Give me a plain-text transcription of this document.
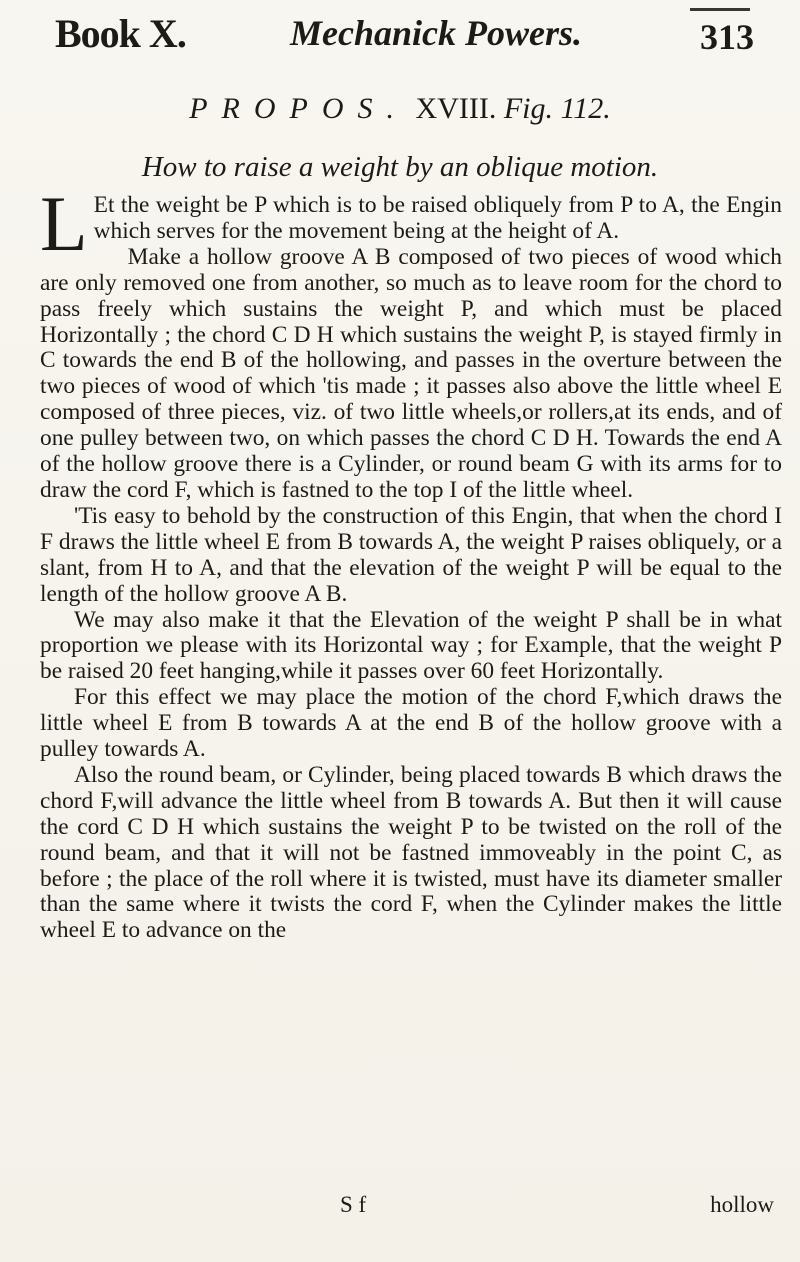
Book X.	Mechanick Powers.	313
PROPOS. XVIII. Fig. 112.
How to raise a weight by an oblique motion.

L Et the weight be P which is to be raised obliquely from P to A, the Engin which serves for the movement being at the height of A.

Make a hollow groove A B composed of two pieces of wood which are only removed one from another, so much as to leave room for the chord to pass freely which sustains the weight P, and which must be placed Horizontally ; the chord C D H which sustains the weight P, is stayed firmly in C towards the end B of the hollowing, and passes in the overture between the two pieces of wood of which 'tis made ; it passes also above the little wheel E composed of three pieces, viz. of two little wheels,or rollers,at its ends, and of one pulley between two, on which passes the chord C D H. Towards the end A of the hollow groove there is a Cylinder, or round beam G with its arms for to draw the cord F, which is fastned to the top I of the little wheel.

'Tis easy to behold by the construction of this Engin, that when the chord I F draws the little wheel E from B towards A, the weight P raises obliquely, or a slant, from H to A, and that the elevation of the weight P will be equal to the length of the hollow groove A B.

We may also make it that the Elevation of the weight P shall be in what proportion we please with its Horizontal way ; for Example, that the weight P be raised 20 feet hanging,while it passes over 60 feet Horizontally.

For this effect we may place the motion of the chord F,which draws the little wheel E from B towards A at the end B of the hollow groove with a pulley towards A.

Also the round beam, or Cylinder, being placed towards B which draws the chord F,will advance the little wheel from B towards A. But then it will cause the cord C D H which sustains the weight P to be twisted on the roll of the round beam, and that it will not be fastned immoveably in the point C, as before ; the place of the roll where it is twisted, must have its diameter smaller than the same where it twists the cord F, when the Cylinder makes the little wheel E to advance on the

S f	hollow
